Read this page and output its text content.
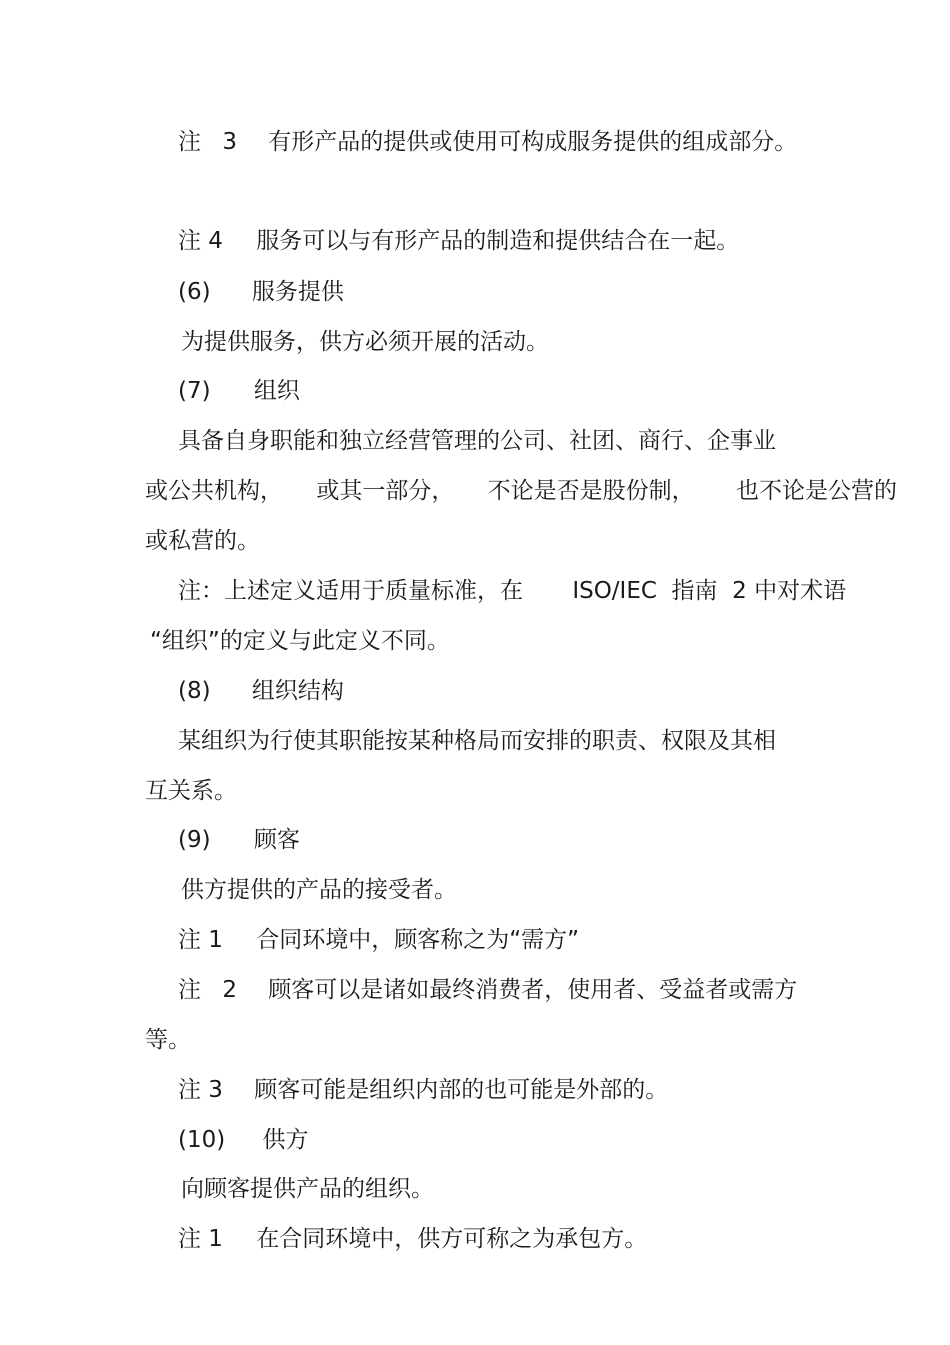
注 3 有形产品的提供或使用可构成服务提供的组成部分。
注 4 服务可以与有形产品的制造和提供结合在一起。
(6) 服务提供
为提供服务，供方必须开展的活动。
(7) 组织
具备自身职能和独立经营管理的公司、社团、商行、企事业
或公共机构， 或其一部分， 不论是否是股份制， 也不论是公营的
或私营的。
注：上述定义适用于质量标准，在 ISO/IEC  指南  2 中对术语
“组织”的定义与此定义不同。
(8) 组织结构
某组织为行使其职能按某种格局而安排的职责、权限及其相
互关系。
(9) 顾客
供方提供的产品的接受者。
注 1 合同环境中，顾客称之为“需方”
注 2 顾客可以是诸如最终消费者，使用者、受益者或需方
等。
注 3 顾客可能是组织内部的也可能是外部的。
(10) 供方
向顾客提供产品的组织。
注 1 在合同环境中，供方可称之为承包方。
